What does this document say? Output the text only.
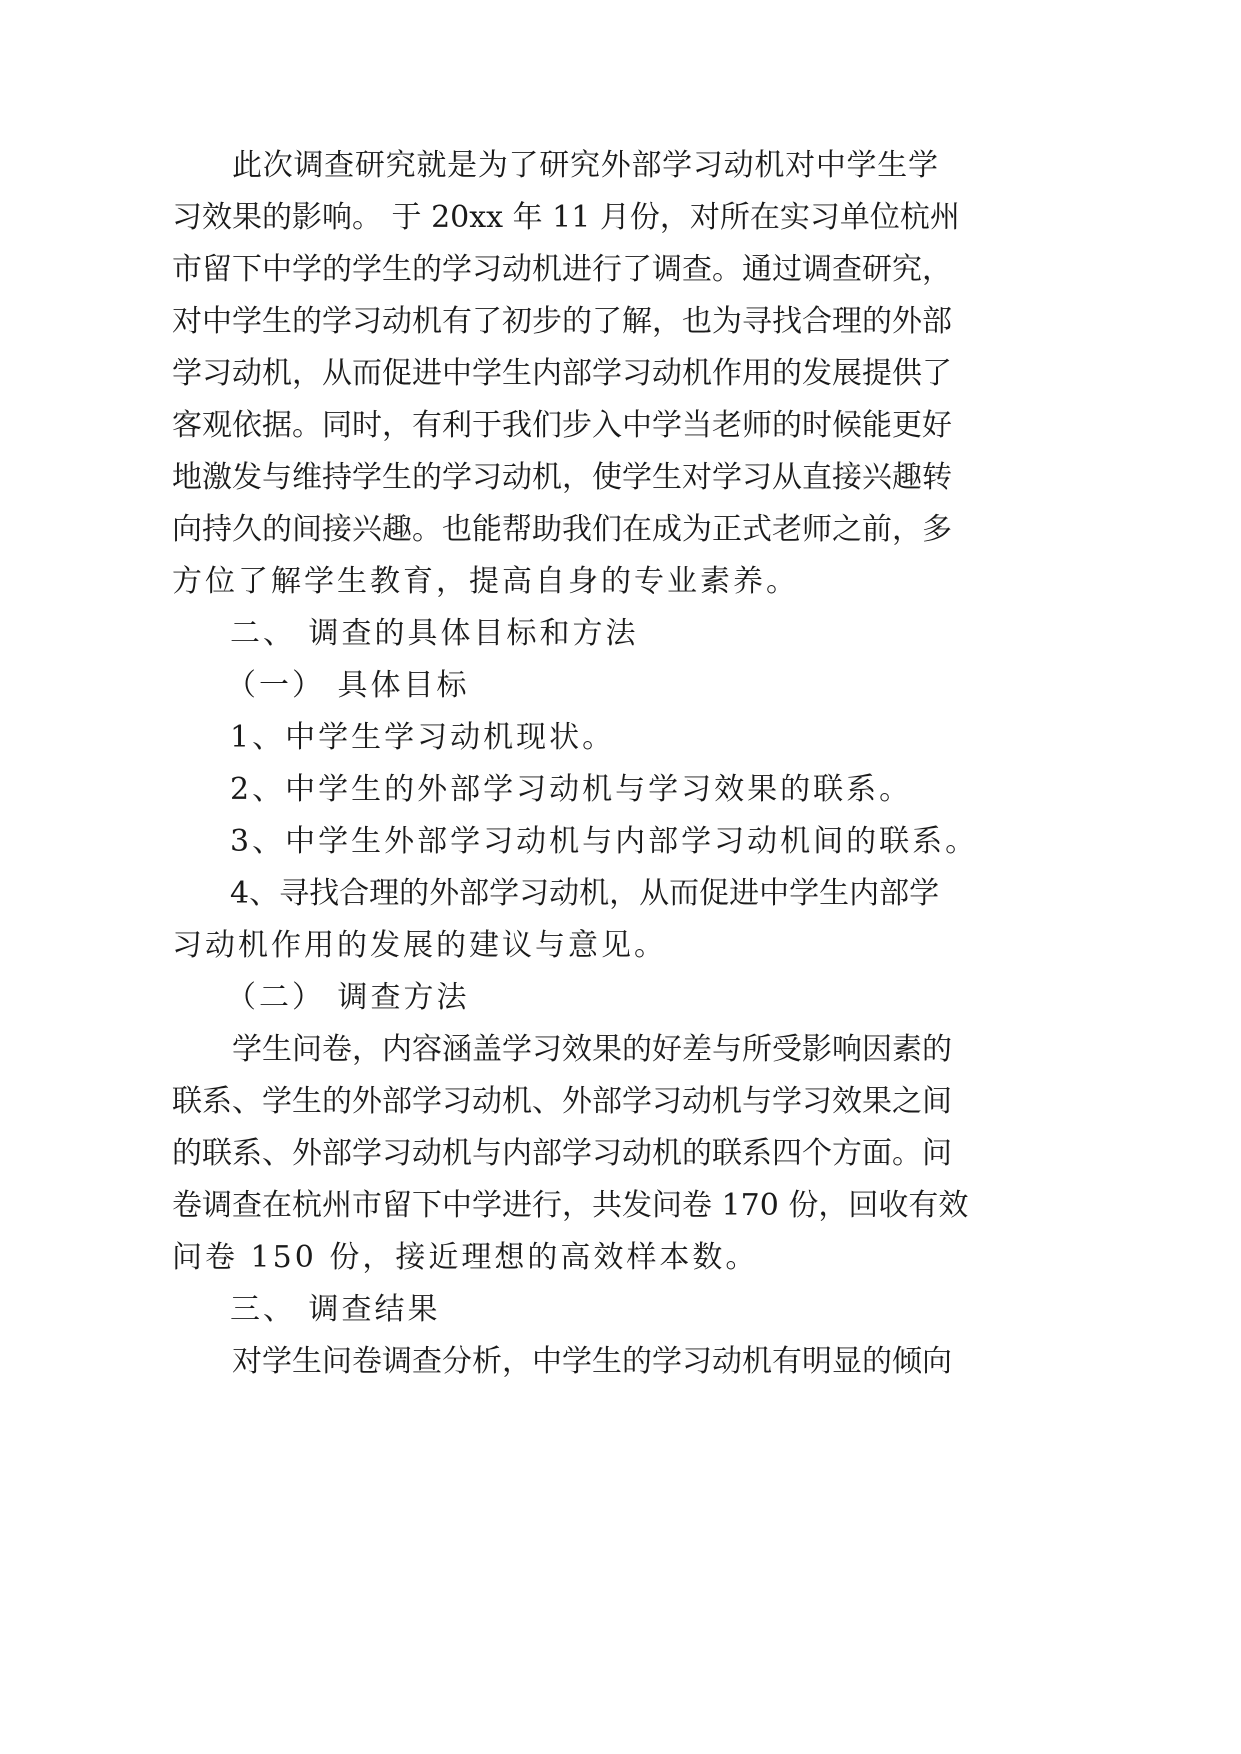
此次调查研究就是为了研究外部学习动机对中学生学

习效果的影响。 于 20xx 年 11 月份，对所在实习单位杭州

市留下中学的学生的学习动机进行了调查。通过调查研究，

对中学生的学习动机有了初步的了解，也为寻找合理的外部

学习动机，从而促进中学生内部学习动机作用的发展提供了

客观依据。同时，有利于我们步入中学当老师的时候能更好

地激发与维持学生的学习动机，使学生对学习从直接兴趣转

向持久的间接兴趣。也能帮助我们在成为正式老师之前，多

方位了解学生教育，提高自身的专业素养。

二、 调查的具体目标和方法

（一） 具体目标

1、中学生学习动机现状。

2、中学生的外部学习动机与学习效果的联系。

3、中学生外部学习动机与内部学习动机间的联系。

4、寻找合理的外部学习动机，从而促进中学生内部学

习动机作用的发展的建议与意见。

（二） 调查方法

学生问卷，内容涵盖学习效果的好差与所受影响因素的

联系、学生的外部学习动机、外部学习动机与学习效果之间

的联系、外部学习动机与内部学习动机的联系四个方面。问

卷调查在杭州市留下中学进行，共发问卷 170 份，回收有效

问卷 150 份，接近理想的高效样本数。

三、 调查结果

对学生问卷调查分析，中学生的学习动机有明显的倾向
